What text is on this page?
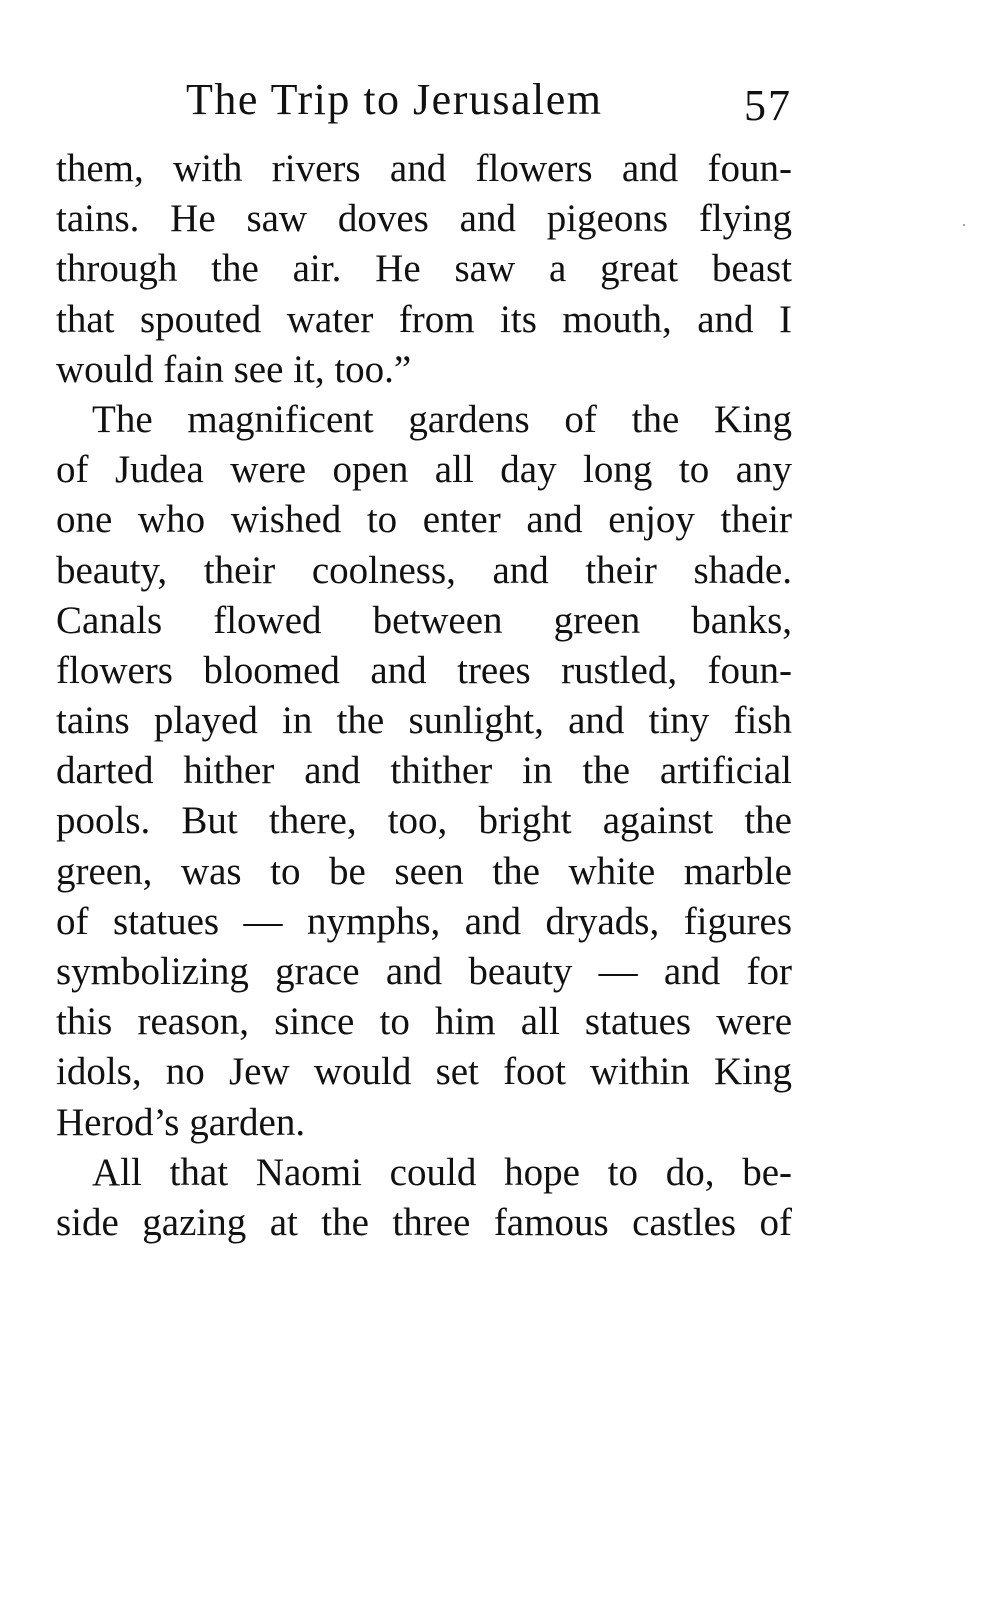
The Trip to Jerusalem	57
them, with rivers and flowers and foun-
tains. He saw doves and pigeons flying
through the air. He saw a great beast
that spouted water from its mouth, and I
would fain see it, too.”
The magnificent gardens of the King
of Judea were open all day long to any
one who wished to enter and enjoy their
beauty, their coolness, and their shade.
Canals flowed between green banks,
flowers bloomed and trees rustled, foun-
tains played in the sunlight, and tiny fish
darted hither and thither in the artificial
pools. But there, too, bright against the
green, was to be seen the white marble
of statues — nymphs, and dryads, figures
symbolizing grace and beauty — and for
this reason, since to him all statues were
idols, no Jew would set foot within King
Herod’s garden.
All that Naomi could hope to do, be-
side gazing at the three famous castles of
